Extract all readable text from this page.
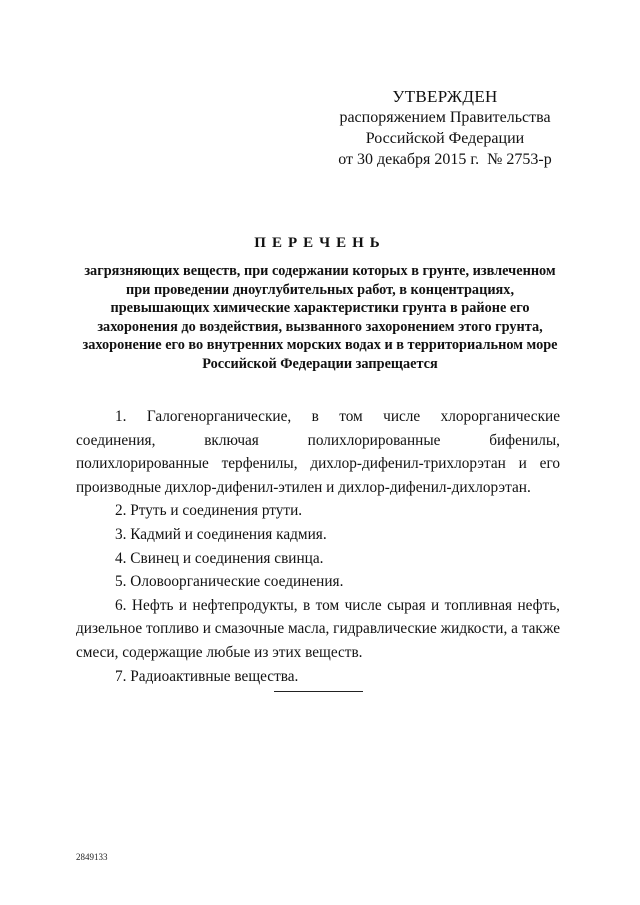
УТВЕРЖДЕН
распоряжением Правительства
Российской Федерации
от 30 декабря 2015 г.  № 2753-р
ПЕРЕЧЕНЬ
загрязняющих веществ, при содержании которых в грунте, извлеченном при проведении дноуглубительных работ, в концентрациях, превышающих химические характеристики грунта в районе его захоронения до воздействия, вызванного захоронением этого грунта, захоронение его во внутренних морских водах и в территориальном море Российской Федерации запрещается

1. Галогенорганические, в том числе хлорорганические соединения, включая полихлорированные бифенилы, полихлорированные терфенилы, дихлор-дифенил-трихлорэтан и его производные дихлор-дифенил-этилен и дихлор-дифенил-дихлорэтан.

2. Ртуть и соединения ртути.

3. Кадмий и соединения кадмия.

4. Свинец и соединения свинца.

5. Оловоорганические соединения.

6. Нефть и нефтепродукты, в том числе сырая и топливная нефть, дизельное топливо и смазочные масла, гидравлические жидкости, а также смеси, содержащие любые из этих веществ.

7. Радиоактивные вещества.

2849133
